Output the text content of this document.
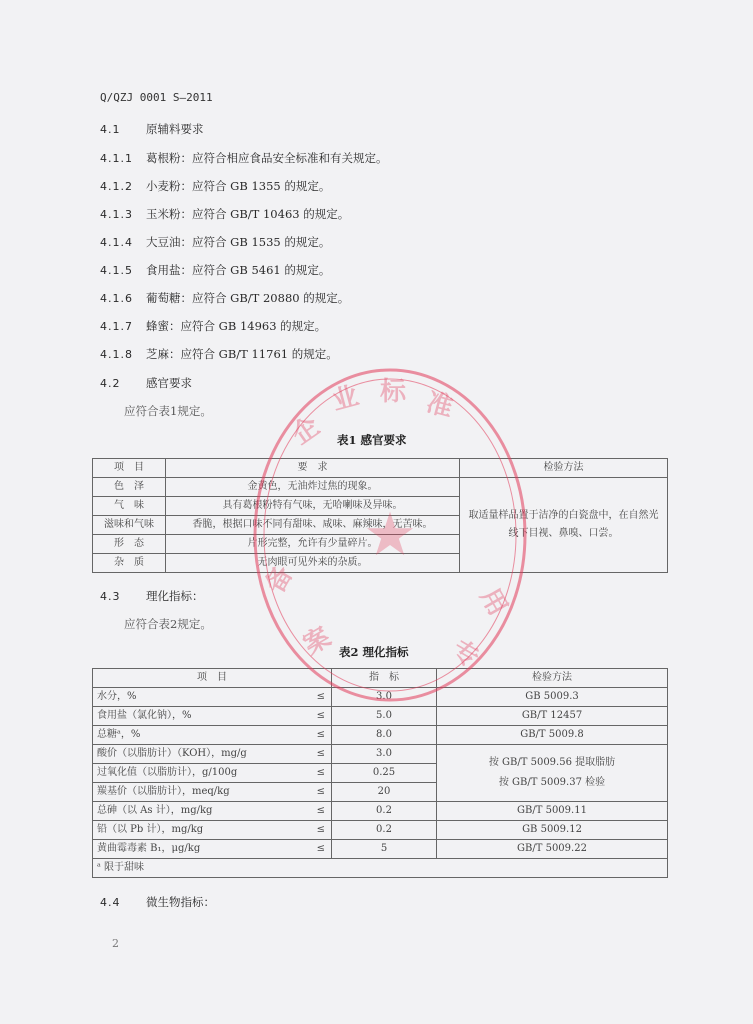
Q/QZJ 0001 S—2011
4.1 原辅料要求
4.1.1 葛根粉：应符合相应食品安全标准和有关规定。
4.1.2 小麦粉：应符合 GB 1355 的规定。
4.1.3 玉米粉：应符合 GB/T 10463 的规定。
4.1.4 大豆油：应符合 GB 1535 的规定。
4.1.5 食用盐：应符合 GB 5461 的规定。
4.1.6 葡萄糖：应符合 GB/T 20880 的规定。
4.1.7 蜂蜜：应符合 GB 14963 的规定。
4.1.8 芝麻：应符合 GB/T 11761 的规定。
4.2 感官要求
应符合表1规定。
表1 感官要求
项　目	要　求	检验方法
色　泽	金黄色，无油炸过焦的现象。	取适量样品置于洁净的白瓷盘中，在自然光线下目视、鼻嗅、口尝。
气　味	具有葛根粉特有气味，无哈喇味及异味。	
滋味和气味	香脆，根据口味不同有甜味、咸味、麻辣味，无苦味。	
形　态	片形完整，允许有少量碎片。	
杂　质	无肉眼可见外来的杂质。	
4.3 理化指标：
应符合表2规定。
表2 理化指标
项　目		指　标	检验方法
水分，%	≤	3.0	GB 5009.3
食用盐（氯化钠），%	≤	5.0	GB/T 12457
总糖ᵃ，%	≤	8.0	GB/T 5009.8
酸价（以脂肪计）（KOH），mg/g	≤	3.0	按 GB/T 5009.56 提取脂肪
按 GB/T 5009.37 检验

过氧化值（以脂肪计），g/100g	≤	0.25	
羰基价（以脂肪计），meq/kg	≤	20	
总砷（以 As 计），mg/kg	≤	0.2	GB/T 5009.11
铅（以 Pb 计），mg/kg	≤	0.2	GB 5009.12
黄曲霉毒素 B₁，μg/kg	≤	5	GB/T 5009.22
ᵃ 限于甜味			
4.4 微生物指标：
2
企
业 标 准
备
案	专
用
★
